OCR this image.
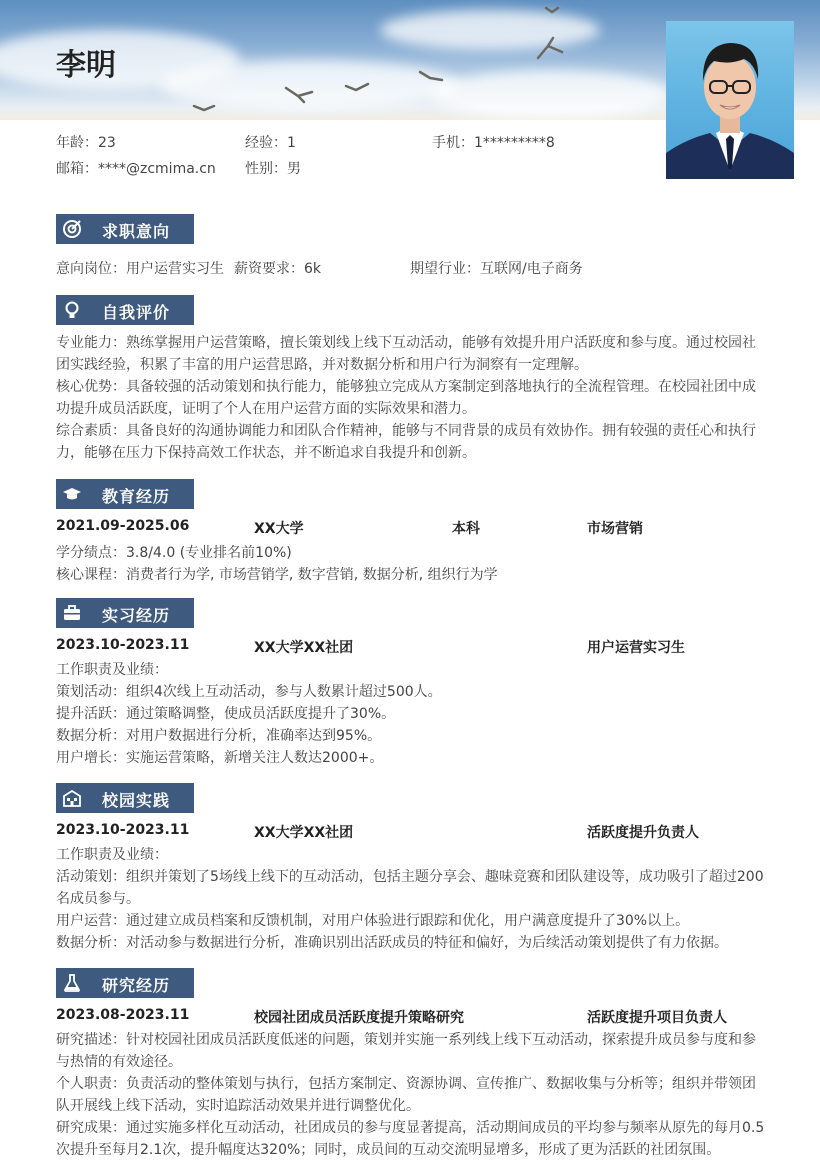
李明
年龄：23	经验：1	手机：1*********8
邮箱：****@zcmima.cn 性别：男
求职意向
意向岗位：用户运营实习生 薪资要求：6k	期望行业：互联网/电子商务
自我评价
专业能力：熟练掌握用户运营策略，擅长策划线上线下互动活动，能够有效提升用户活跃度和参与度。通过校园社
团实践经验，积累了丰富的用户运营思路，并对数据分析和用户行为洞察有一定理解。
核心优势：具备较强的活动策划和执行能力，能够独立完成从方案制定到落地执行的全流程管理。在校园社团中成
功提升成员活跃度，证明了个人在用户运营方面的实际效果和潜力。
综合素质：具备良好的沟通协调能力和团队合作精神，能够与不同背景的成员有效协作。拥有较强的责任心和执行
力，能够在压力下保持高效工作状态，并不断追求自我提升和创新。
教育经历
2021.09-2025.06	XX大学	本科	市场营销
学分绩点：3.8/4.0 (专业排名前10%)
核心课程：消费者行为学, 市场营销学, 数字营销, 数据分析, 组织行为学
实习经历
2023.10-2023.11	XX大学XX社团	用户运营实习生
工作职责及业绩：
策划活动：组织4次线上互动活动，参与人数累计超过500人。
提升活跃：通过策略调整，使成员活跃度提升了30%。
数据分析：对用户数据进行分析，准确率达到95%。
用户增长：实施运营策略，新增关注人数达2000+。
校园实践
2023.10-2023.11	XX大学XX社团	活跃度提升负责人
工作职责及业绩：
活动策划：组织并策划了5场线上线下的互动活动，包括主题分享会、趣味竞赛和团队建设等，成功吸引了超过200
名成员参与。
用户运营：通过建立成员档案和反馈机制，对用户体验进行跟踪和优化，用户满意度提升了30%以上。
数据分析：对活动参与数据进行分析，准确识别出活跃成员的特征和偏好，为后续活动策划提供了有力依据。
研究经历
2023.08-2023.11	校园社团成员活跃度提升策略研究	活跃度提升项目负责人
研究描述：针对校园社团成员活跃度低迷的问题，策划并实施一系列线上线下互动活动，探索提升成员参与度和参
与热情的有效途径。
个人职责：负责活动的整体策划与执行，包括方案制定、资源协调、宣传推广、数据收集与分析等；组织并带领团
队开展线上线下活动，实时追踪活动效果并进行调整优化。
研究成果：通过实施多样化互动活动，社团成员的参与度显著提高，活动期间成员的平均参与频率从原先的每月0.5
次提升至每月2.1次，提升幅度达320%；同时，成员间的互动交流明显增多，形成了更为活跃的社团氛围。
